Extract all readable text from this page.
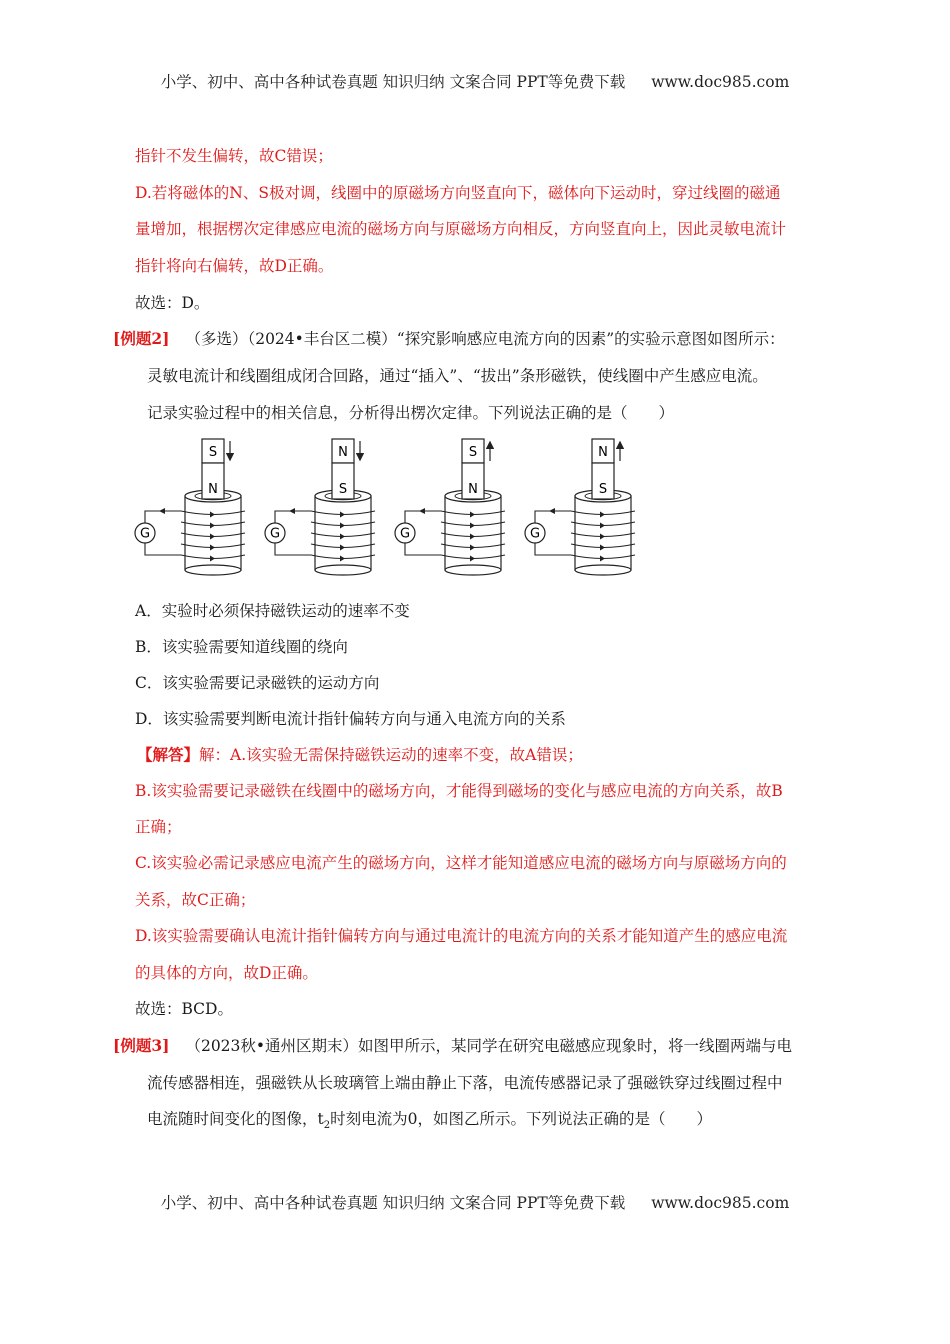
小学、初中、高中各种试卷真题 知识归纳 文案合同 PPT等免费下载 www.doc985.com
指针不发生偏转，故C错误；
D.若将磁体的N、S极对调，线圈中的原磁场方向竖直向下，磁体向下运动时，穿过线圈的磁通
量增加，根据楞次定律感应电流的磁场方向与原磁场方向相反，方向竖直向上，因此灵敏电流计
指针将向右偏转，故D正确。
故选：D。
[例题2] （多选）（2024•丰台区二模）“探究影响感应电流方向的因素”的实验示意图如图所示：
灵敏电流计和线圈组成闭合回路，通过“插入”、“拔出”条形磁铁，使线圈中产生感应电流。
记录实验过程中的相关信息，分析得出楞次定律。下列说法正确的是（　　）
G
S
N
G
N
S
G
S
N
G
N
S
A．实验时必须保持磁铁运动的速率不变
B．该实验需要知道线圈的绕向
C．该实验需要记录磁铁的运动方向
D．该实验需要判断电流计指针偏转方向与通入电流方向的关系
【解答】解：A.该实验无需保持磁铁运动的速率不变，故A错误；
B.该实验需要记录磁铁在线圈中的磁场方向，才能得到磁场的变化与感应电流的方向关系，故B
正确；
C.该实验必需记录感应电流产生的磁场方向，这样才能知道感应电流的磁场方向与原磁场方向的
关系，故C正确；
D.该实验需要确认电流计指针偏转方向与通过电流计的电流方向的关系才能知道产生的感应电流
的具体的方向，故D正确。
故选：BCD。
[例题3] （2023秋•通州区期末）如图甲所示，某同学在研究电磁感应现象时，将一线圈两端与电
流传感器相连，强磁铁从长玻璃管上端由静止下落，电流传感器记录了强磁铁穿过线圈过程中
电流随时间变化的图像，$t_2$时刻电流为0，如图乙所示。下列说法正确的是（　　）
小学、初中、高中各种试卷真题 知识归纳 文案合同 PPT等免费下载 www.doc985.com
